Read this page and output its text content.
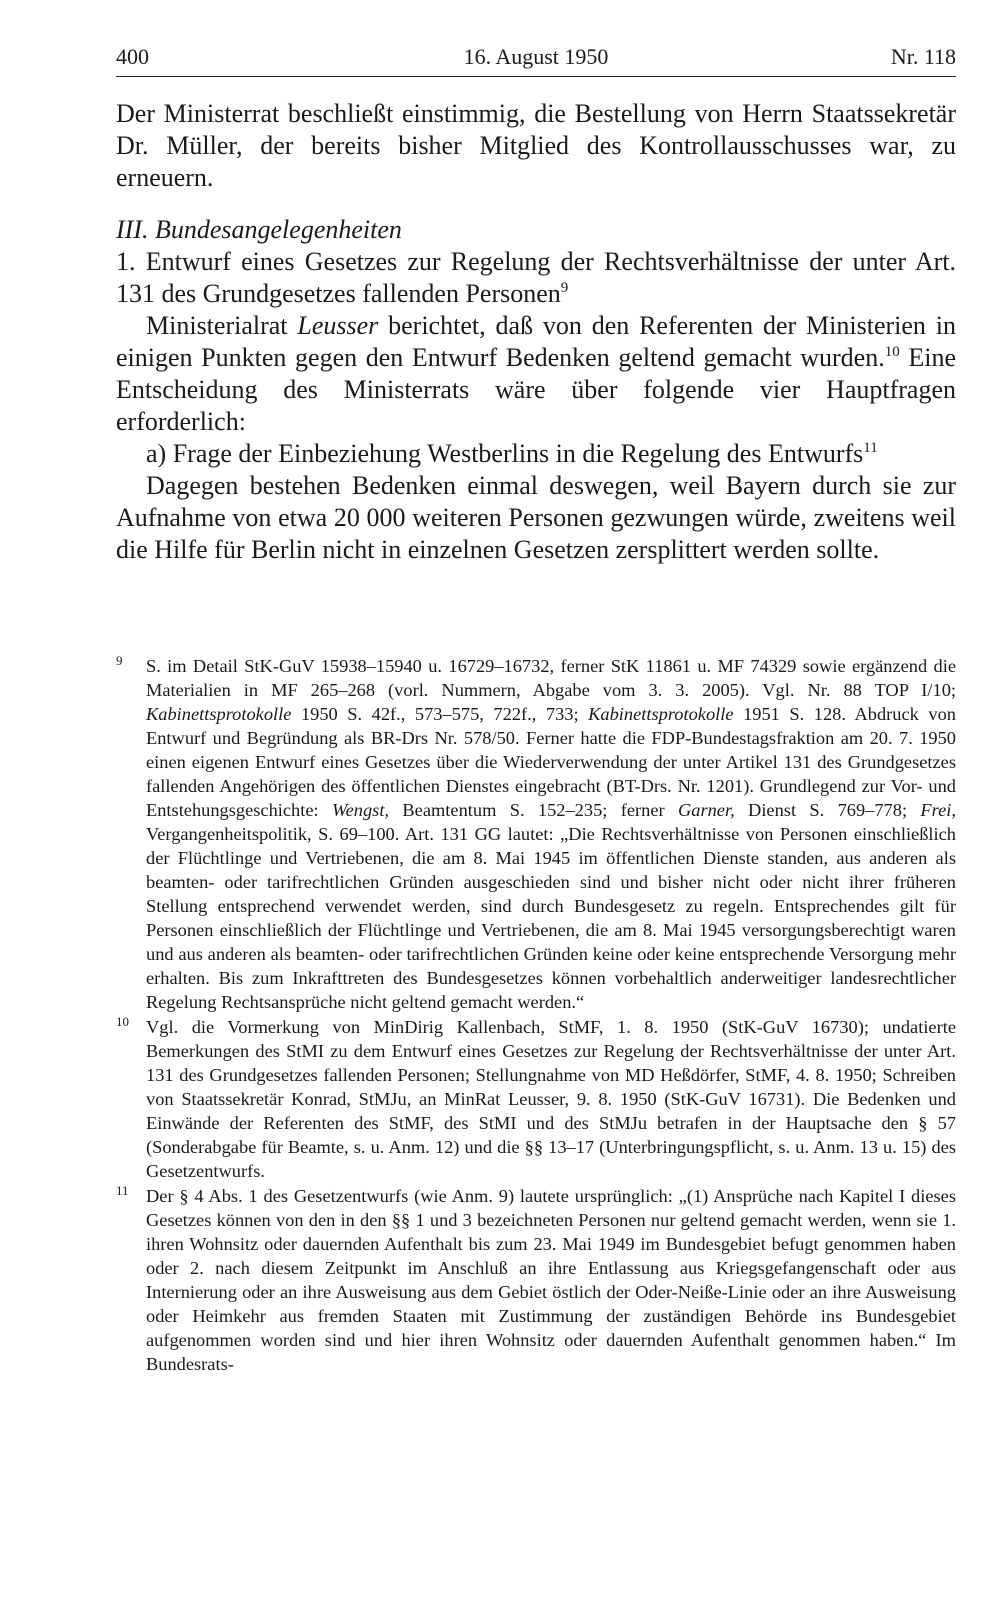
400	16. August 1950	Nr. 118

Der Ministerrat beschließt einstimmig, die Bestellung von Herrn Staatssekretär Dr. Müller, der bereits bisher Mitglied des Kontrollausschusses war, zu erneuern.

III. Bundesangelegenheiten

1. Entwurf eines Gesetzes zur Regelung der Rechtsverhältnisse der unter Art. 131 des Grundgesetzes fallenden Personen$^9$

Ministerialrat Leusser berichtet, daß von den Referenten der Ministerien in einigen Punkten gegen den Entwurf Bedenken geltend gemacht wurden.$^{10}$ Eine Entscheidung des Ministerrats wäre über folgende vier Hauptfragen erforderlich:

a) Frage der Einbeziehung Westberlins in die Regelung des Entwurfs$^{11}$

Dagegen bestehen Bedenken einmal deswegen, weil Bayern durch sie zur Aufnahme von etwa 20 000 weiteren Personen gezwungen würde, zweitens weil die Hilfe für Berlin nicht in einzelnen Gesetzen zersplittert werden sollte.

9 S. im Detail StK-GuV 15938–15940 u. 16729–16732, ferner StK 11861 u. MF 74329 sowie ergänzend die Materialien in MF 265–268 (vorl. Nummern, Abgabe vom 3. 3. 2005). Vgl. Nr. 88 TOP I/10; Kabinettsprotokolle 1950 S. 42f., 573–575, 722f., 733; Kabinettsprotokolle 1951 S. 128. Abdruck von Entwurf und Begründung als BR-Drs Nr. 578/50. Ferner hatte die FDP-Bundestagsfraktion am 20. 7. 1950 einen eigenen Entwurf eines Gesetzes über die Wiederverwendung der unter Artikel 131 des Grundgesetzes fallenden Angehörigen des öffentlichen Dienstes eingebracht (BT-Drs. Nr. 1201). Grundlegend zur Vor- und Entstehungsgeschichte: Wengst, Beamtentum S. 152–235; ferner Garner, Dienst S. 769–778; Frei, Vergangenheitspolitik, S. 69–100. Art. 131 GG lautet: „Die Rechtsverhältnisse von Personen einschließlich der Flüchtlinge und Vertriebenen, die am 8. Mai 1945 im öffentlichen Dienste standen, aus anderen als beamten- oder tarifrechtlichen Gründen ausgeschieden sind und bisher nicht oder nicht ihrer früheren Stellung entsprechend verwendet werden, sind durch Bundesgesetz zu regeln. Entsprechendes gilt für Personen einschließlich der Flüchtlinge und Vertriebenen, die am 8. Mai 1945 versorgungsberechtigt waren und aus anderen als beamten- oder tarifrechtlichen Gründen keine oder keine entsprechende Versorgung mehr erhalten. Bis zum Inkrafttreten des Bundesgesetzes können vorbehaltlich anderweitiger landesrechtlicher Regelung Rechtsansprüche nicht geltend gemacht werden.“
10 Vgl. die Vormerkung von MinDirig Kallenbach, StMF, 1. 8. 1950 (StK-GuV 16730); undatierte Bemerkungen des StMI zu dem Entwurf eines Gesetzes zur Regelung der Rechtsverhältnisse der unter Art. 131 des Grundgesetzes fallenden Personen; Stellungnahme von MD Heßdörfer, StMF, 4. 8. 1950; Schreiben von Staatssekretär Konrad, StMJu, an MinRat Leusser, 9. 8. 1950 (StK-GuV 16731). Die Bedenken und Einwände der Referenten des StMF, des StMI und des StMJu betrafen in der Hauptsache den § 57 (Sonderabgabe für Beamte, s. u. Anm. 12) und die §§ 13–17 (Unterbringungspflicht, s. u. Anm. 13 u. 15) des Gesetzentwurfs.
11 Der § 4 Abs. 1 des Gesetzentwurfs (wie Anm. 9) lautete ursprünglich: „(1) Ansprüche nach Kapitel I dieses Gesetzes können von den in den §§ 1 und 3 bezeichneten Personen nur geltend gemacht werden, wenn sie 1. ihren Wohnsitz oder dauernden Aufenthalt bis zum 23. Mai 1949 im Bundesgebiet befugt genommen haben oder 2. nach diesem Zeitpunkt im Anschluß an ihre Entlassung aus Kriegsgefangenschaft oder aus Internierung oder an ihre Ausweisung aus dem Gebiet östlich der Oder-Neiße-Linie oder an ihre Ausweisung oder Heimkehr aus fremden Staaten mit Zustimmung der zuständigen Behörde ins Bundesgebiet aufgenommen worden sind und hier ihren Wohnsitz oder dauernden Aufenthalt genommen haben.“ Im Bundesrats-
